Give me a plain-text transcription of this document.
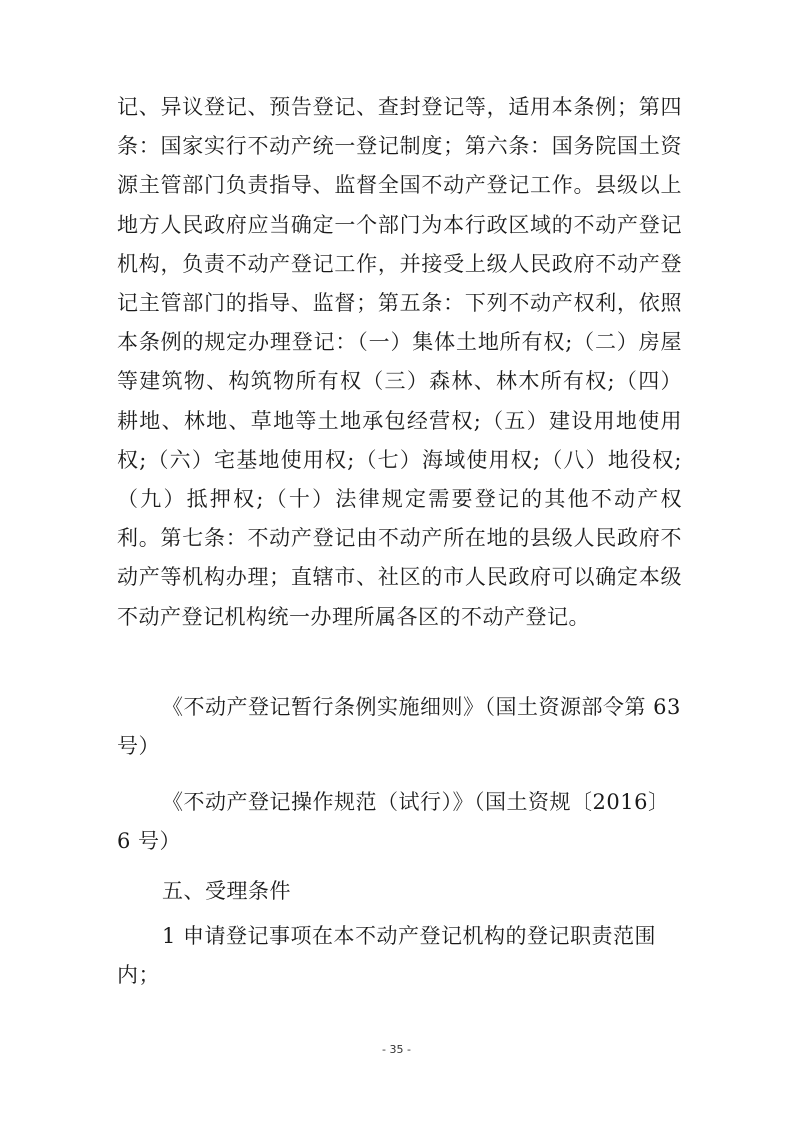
记、异议登记、预告登记、查封登记等，适用本条例；第四条：国家实行不动产统一登记制度；第六条：国务院国土资源主管部门负责指导、监督全国不动产登记工作。县级以上地方人民政府应当确定一个部门为本行政区域的不动产登记机构，负责不动产登记工作，并接受上级人民政府不动产登记主管部门的指导、监督；第五条：下列不动产权利，依照本条例的规定办理登记：（一）集体土地所有权;（二）房屋等建筑物、构筑物所有权（三）森林、林木所有权;（四）耕地、林地、草地等土地承包经营权;（五）建设用地使用权;（六）宅基地使用权;（七）海域使用权;（八）地役权;（九）抵押权;（十）法律规定需要登记的其他不动产权利。第七条：不动产登记由不动产所在地的县级人民政府不动产等机构办理；直辖市、社区的市人民政府可以确定本级不动产登记机构统一办理所属各区的不动产登记。

《不动产登记暂行条例实施细则》（国土资源部令第 63 号）

《不动产登记操作规范（试行）》（国土资规〔2016〕6 号）

五、受理条件

1 申请登记事项在本不动产登记机构的登记职责范围内；

- 35 -
